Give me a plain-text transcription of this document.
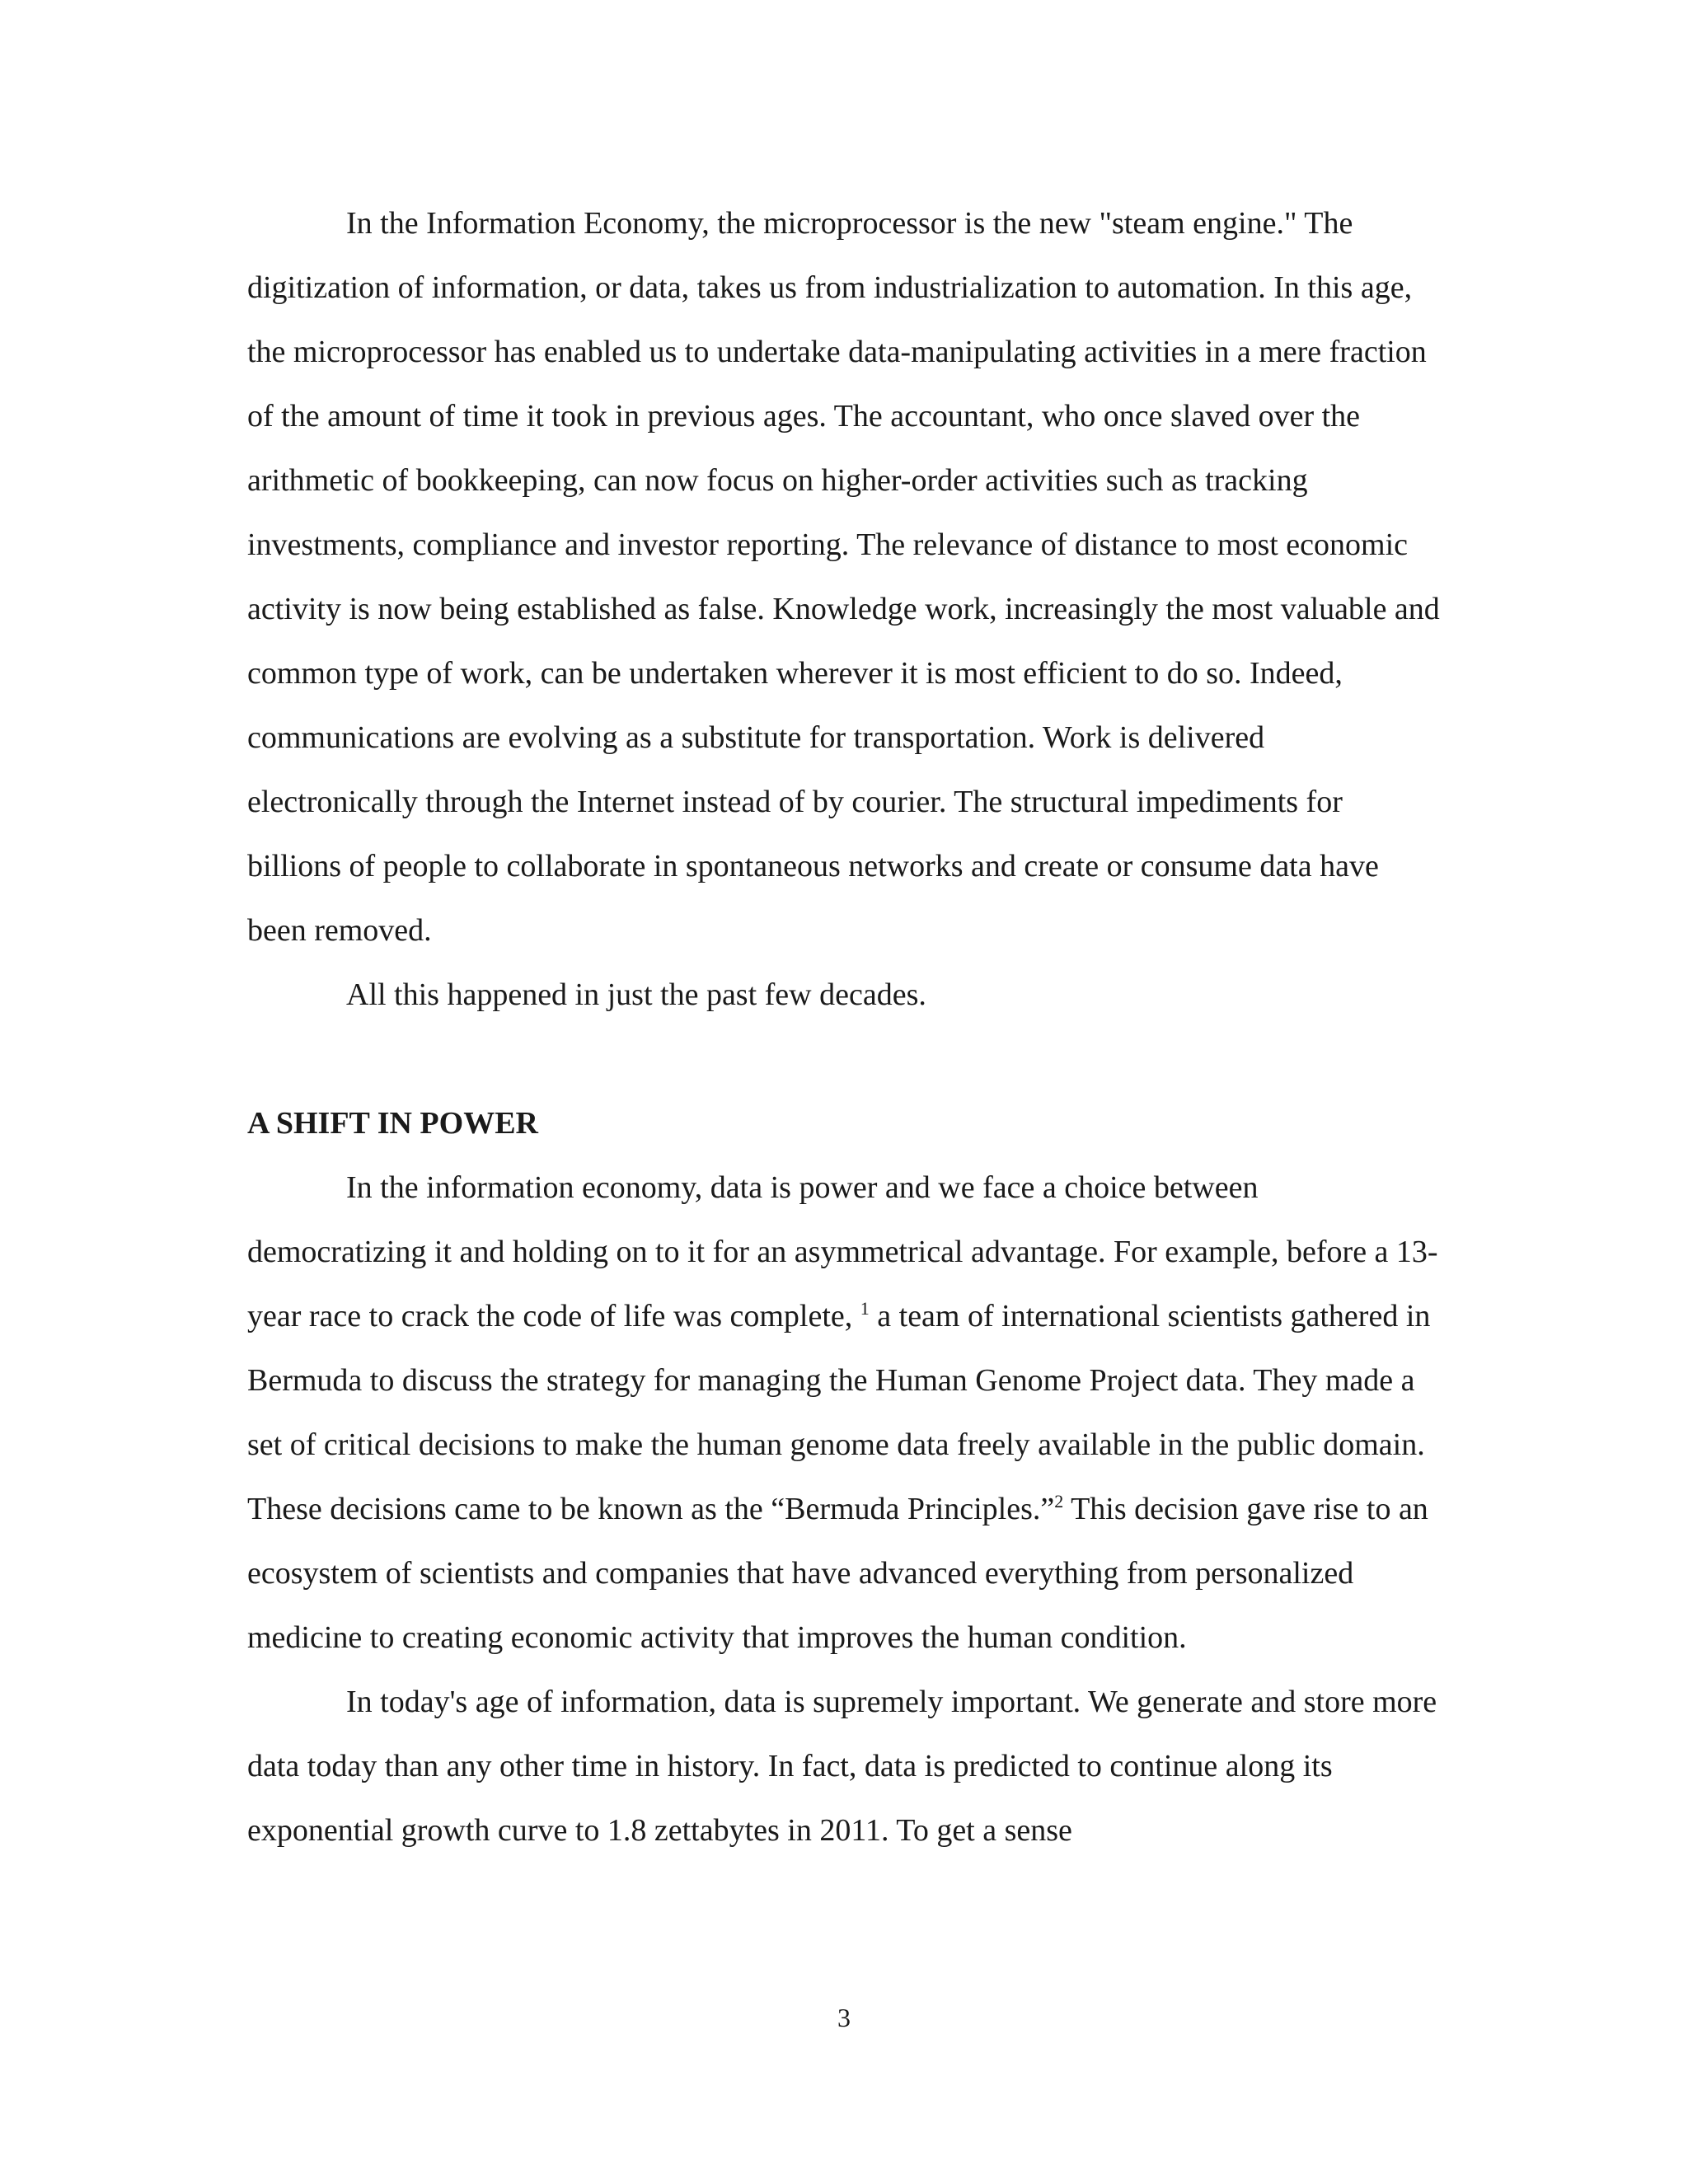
In the Information Economy, the microprocessor is the new "steam engine." The digitization of information, or data, takes us from industrialization to automation. In this age, the microprocessor has enabled us to undertake data-manipulating activities in a mere fraction of the amount of time it took in previous ages. The accountant, who once slaved over the arithmetic of bookkeeping, can now focus on higher-order activities such as tracking investments, compliance and investor reporting. The relevance of distance to most economic activity is now being established as false. Knowledge work, increasingly the most valuable and common type of work, can be undertaken wherever it is most efficient to do so. Indeed, communications are evolving as a substitute for transportation. Work is delivered electronically through the Internet instead of by courier. The structural impediments for billions of people to collaborate in spontaneous networks and create or consume data have been removed.

All this happened in just the past few decades.

A SHIFT IN POWER

In the information economy, data is power and we face a choice between democratizing it and holding on to it for an asymmetrical advantage. For example, before a 13-year race to crack the code of life was complete, $^1$ a team of international scientists gathered in Bermuda to discuss the strategy for managing the Human Genome Project data. They made a set of critical decisions to make the human genome data freely available in the public domain. These decisions came to be known as the “Bermuda Principles.”$^2$ This decision gave rise to an ecosystem of scientists and companies that have advanced everything from personalized medicine to creating economic activity that improves the human condition.

In today's age of information, data is supremely important. We generate and store more data today than any other time in history. In fact, data is predicted to continue along its exponential growth curve to 1.8 zettabytes in 2011. To get a sense

3
